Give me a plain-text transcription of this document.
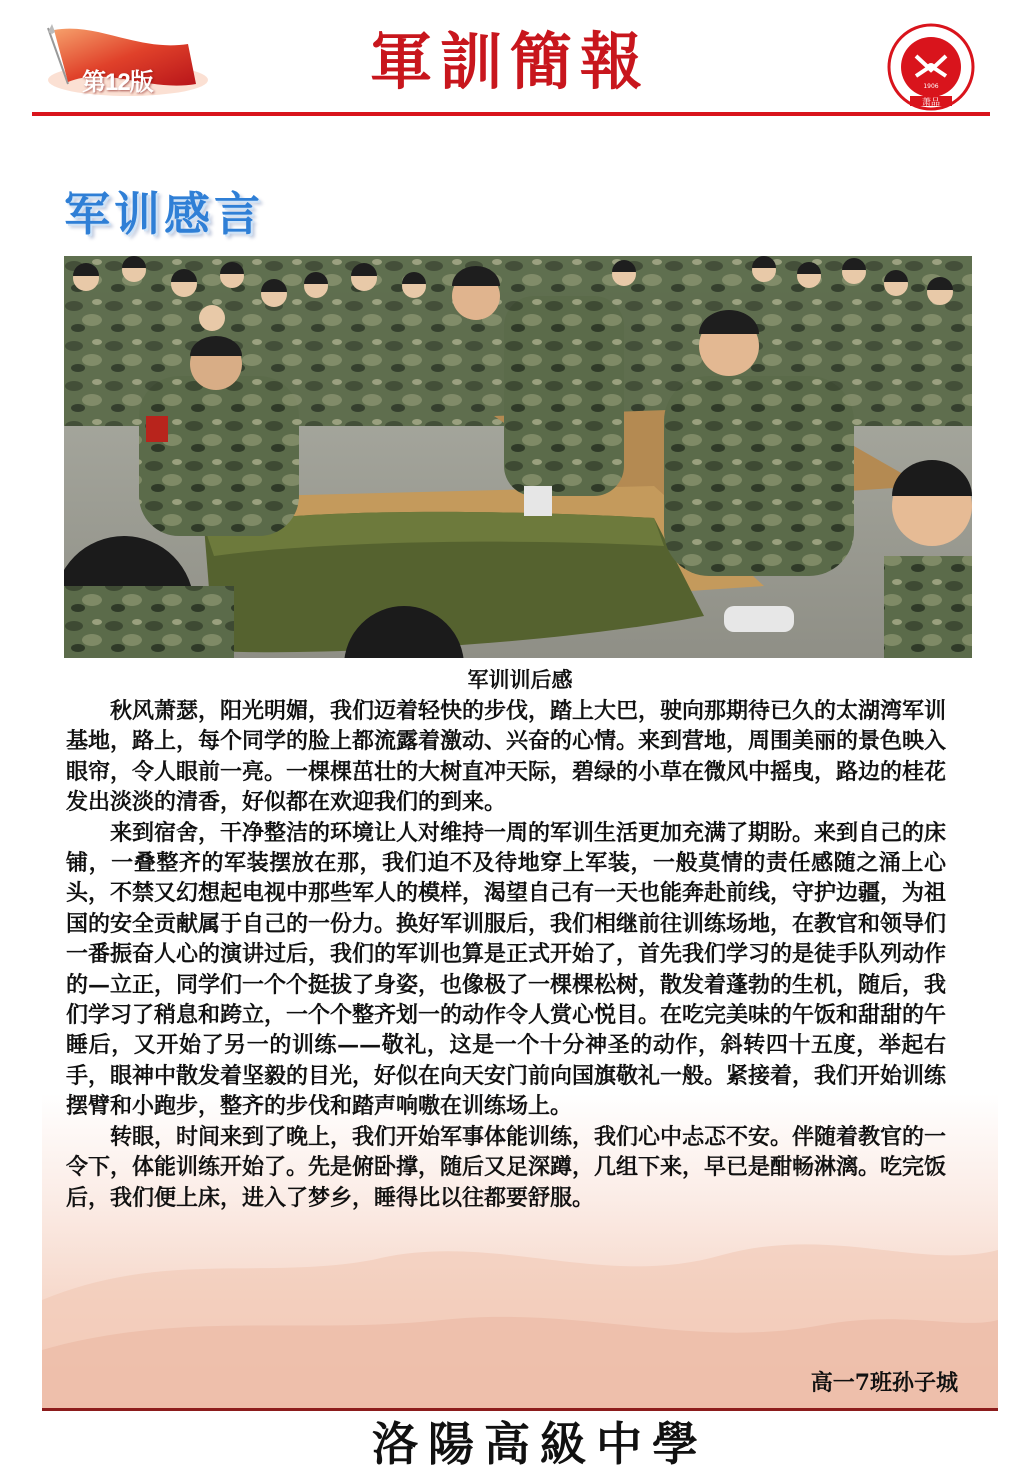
第12版	軍訓簡報
萧品
1906
军训感言
军训训后感

秋风萧瑟，阳光明媚，我们迈着轻快的步伐，踏上大巴，驶向那期待已久的太湖湾军训基地，路上，每个同学的脸上都流露着激动、兴奋的心情。来到营地，周围美丽的景色映入眼帘，令人眼前一亮。一棵棵茁壮的大树直冲天际，碧绿的小草在微风中摇曳，路边的桂花发出淡淡的清香，好似都在欢迎我们的到来。

来到宿舍，干净整洁的环境让人对维持一周的军训生活更加充满了期盼。来到自己的床铺，一叠整齐的军装摆放在那，我们迫不及待地穿上军装，一般莫情的责任感随之涌上心头，不禁又幻想起电视中那些军人的模样，渴望自己有一天也能奔赴前线，守护边疆，为祖国的安全贡献属于自己的一份力。换好军训服后，我们相继前往训练场地，在教官和领导们一番振奋人心的演讲过后，我们的军训也算是正式开始了，首先我们学习的是徒手队列动作的—立正，同学们一个个挺拔了身姿，也像极了一棵棵松树，散发着蓬勃的生机，随后，我们学习了稍息和跨立，一个个整齐划一的动作令人赏心悦目。在吃完美味的午饭和甜甜的午睡后，又开始了另一的训练——敬礼，这是一个十分神圣的动作，斜转四十五度，举起右手，眼神中散发着坚毅的目光，好似在向天安门前向国旗敬礼一般。紧接着，我们开始训练摆臂和小跑步，整齐的步伐和踏声响嗷在训练场上。

转眼，时间来到了晚上，我们开始军事体能训练，我们心中忐忑不安。伴随着教官的一令下，体能训练开始了。先是俯卧撑，随后又足深蹲，几组下来，早已是酣畅淋漓。吃完饭后，我们便上床，进入了梦乡，睡得比以往都要舒服。

高一7班孙子城
洛陽高級中學
